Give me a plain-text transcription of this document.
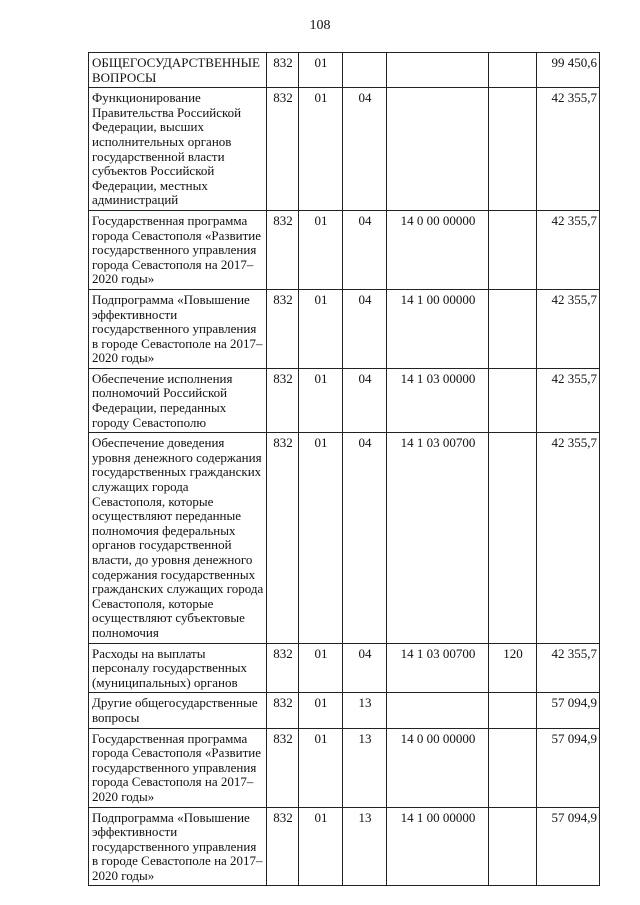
108
ОБЩЕГОСУДАРСТВЕННЫЕ ВОПРОСЫ	832	01				99 450,6
Функционирование Правительства Российской Федерации, высших исполнительных органов государственной власти субъектов Российской Федерации, местных администраций	832	01	04			42 355,7
Государственная программа города Севастополя «Развитие государственного управления города Севастополя на 2017–2020 годы»	832	01	04	14 0 00 00000		42 355,7
Подпрограмма «Повышение эффективности государственного управления в городе Севастополе на 2017–2020 годы»	832	01	04	14 1 00 00000		42 355,7
Обеспечение исполнения полномочий Российской Федерации, переданных городу Севастополю	832	01	04	14 1 03 00000		42 355,7
Обеспечение доведения уровня денежного содержания государственных гражданских служащих города Севастополя, которые осуществляют переданные полномочия федеральных органов государственной власти, до уровня денежного содержания государственных гражданских служащих города Севастополя, которые осуществляют субъектовые полномочия	832	01	04	14 1 03 00700		42 355,7
Расходы на выплаты персоналу государственных (муниципальных) органов	832	01	04	14 1 03 00700	120	42 355,7
Другие общегосударственные вопросы	832	01	13			57 094,9
Государственная программа города Севастополя «Развитие государственного управления города Севастополя на 2017–2020 годы»	832	01	13	14 0 00 00000		57 094,9
Подпрограмма «Повышение эффективности государственного управления в городе Севастополе на 2017–2020 годы»	832	01	13	14 1 00 00000		57 094,9
